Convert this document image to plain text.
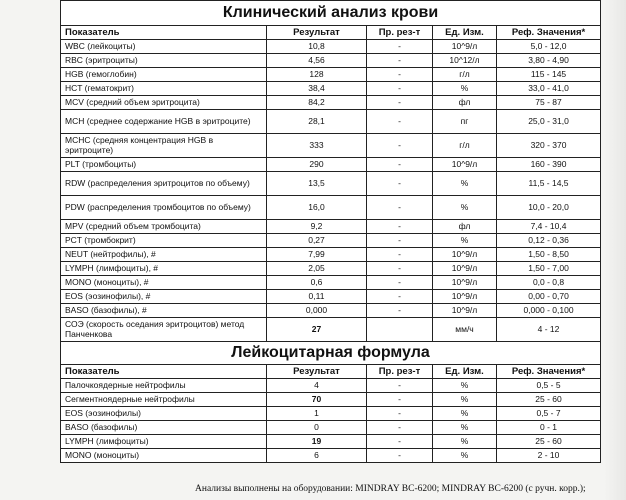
Клинический анализ крови				
Показатель	Результат	Пр. рез-т	Ед. Изм.	Реф. Значения*
WBC (лейкоциты)	10,8	-	10^9/л	5,0 - 12,0
RBC (эритроциты)	4,56	-	10^12/л	3,80 - 4,90
HGB (гемоглобин)	128	-	г/л	115 - 145
HCT (гематокрит)	38,4	-	%	33,0 - 41,0
MCV (средний объем эритроцита)	84,2	-	фл	75 - 87
MCH (среднее содержание HGB в эритроците)	28,1	-	пг	25,0 - 31,0
MCHC (средняя концентрация HGB в эритроците)	333	-	г/л	320 - 370
PLT (тромбоциты)	290	-	10^9/л	160 - 390
RDW (распределения эритроцитов по объему)	13,5	-	%	11,5 - 14,5
PDW (распределения тромбоцитов по объему)	16,0	-	%	10,0 - 20,0
MPV (средний объем тромбоцита)	9,2	-	фл	7,4 - 10,4
PCT (тромбокрит)	0,27	-	%	0,12 - 0,36
NEUT (нейтрофилы), #	7,99	-	10^9/л	1,50 - 8,50
LYMPH (лимфоциты), #	2,05	-	10^9/л	1,50 - 7,00
MONO (моноциты), #	0,6	-	10^9/л	0,0 - 0,8
EOS (эозинофилы), #	0,11	-	10^9/л	0,00 - 0,70
BASO (базофилы), #	0,000	-	10^9/л	0,000 - 0,100
СОЭ (скорость оседания эритроцитов) метод Панченкова	27		мм/ч	4 - 12
Лейкоцитарная формула				
Показатель	Результат	Пр. рез-т	Ед. Изм.	Реф. Значения*
Палочкоядерные нейтрофилы	4	-	%	0,5 - 5
Сегментноядерные нейтрофилы	70	-	%	25 - 60
EOS (эозинофилы)	1	-	%	0,5 - 7
BASO (базофилы)	0	-	%	0 - 1
LYMPH (лимфоциты)	19	-	%	25 - 60
MONO (моноциты)	6	-	%	2 - 10
Анализы выполнены на оборудовании: MINDRAY BC-6200; MINDRAY BC-6200 (с ручн. корр.);
